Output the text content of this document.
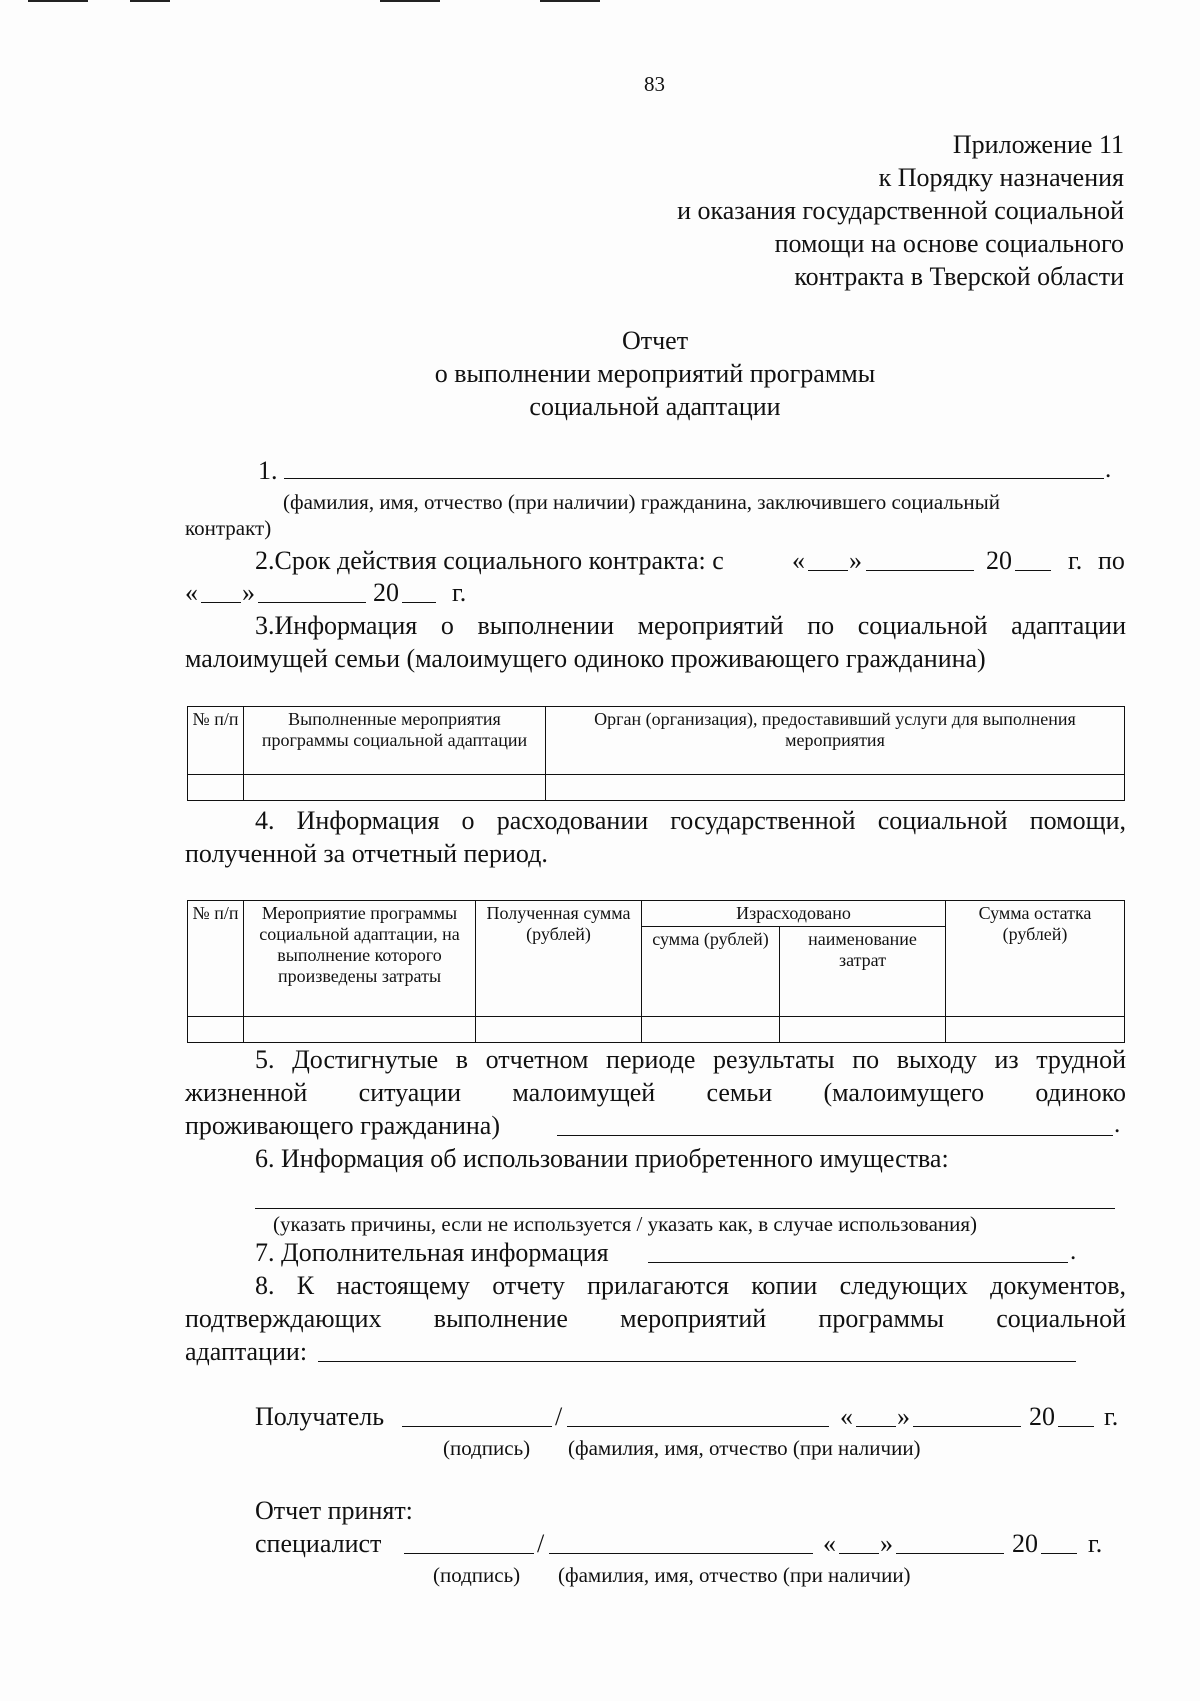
83
Приложение 11
к Порядку назначения
и оказания государственной социальной
помощи на основе социального
контракта в Тверской области
Отчет
о выполнении мероприятий программы
социальной адаптации
1.	.
(фамилия, имя, отчество (при наличии) гражданина, заключившего социальный
контракт)
2.Срок действия социального контракта: с	« »	20 г. по
« »	20 г.
3.Информация о выполнении мероприятий по социальной адаптации
малоимущей семьи (малоимущего одиноко проживающего гражданина)
№ п/п	Выполненные мероприятия программы социальной адаптации	Орган (организация), предоставивший услуги для выполнения мероприятия

4. Информация о расходовании государственной социальной помощи,
полученной за отчетный период.
№ п/п	Мероприятие программы социальной адаптации, на выполнение которого произведены затраты	Полученная сумма (рублей)	Израсходовано		Сумма остатка (рублей)
			сумма (рублей)	наименование затрат	

5. Достигнутые в отчетном периоде результаты по выходу из трудной
жизненной ситуации малоимущей семьи (малоимущего одиноко
проживающего гражданина)	.
6. Информация об использовании приобретенного имущества:
(указать причины, если не используется / указать как, в случае использования)
7. Дополнительная информация	.
8. К настоящему отчету прилагаются копии следующих документов,
подтверждающих выполнение мероприятий программы социальной
адаптации:
Получатель	/	« »	20 г.
(подпись) (фамилия, имя, отчество (при наличии)
Отчет принят:
специалист	/	« »	20 г.
(подпись) (фамилия, имя, отчество (при наличии)
